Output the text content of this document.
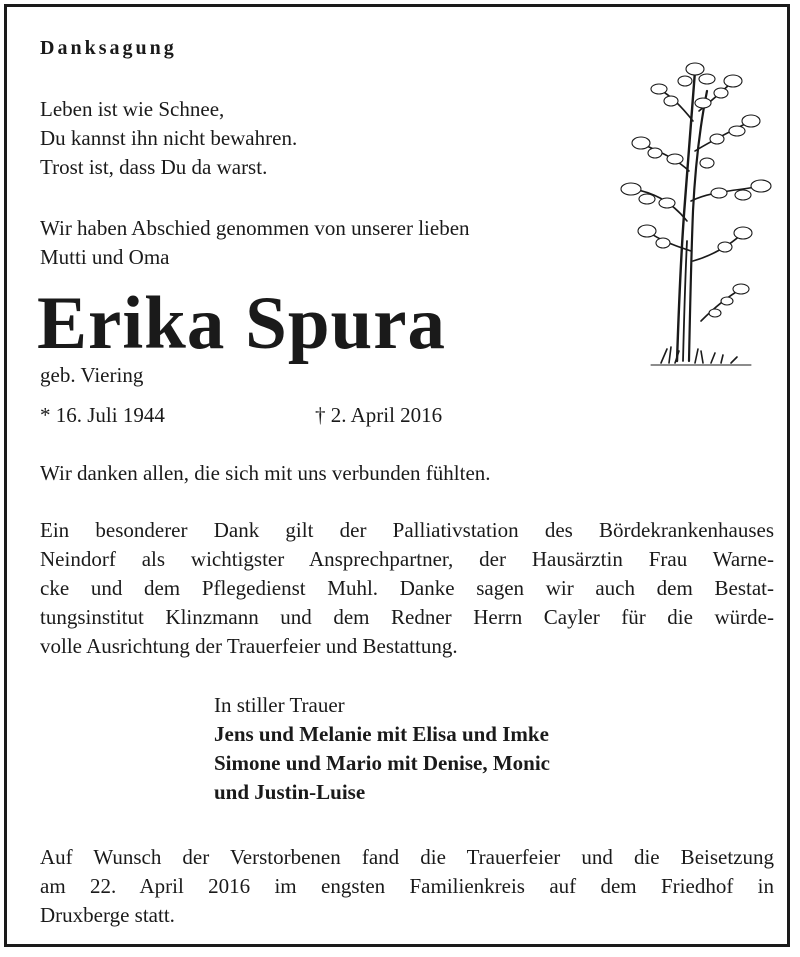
Danksagung

Leben ist wie Schnee,
Du kannst ihn nicht bewahren.
Trost ist, dass Du da warst.

Wir haben Abschied genommen von unserer lieben
Mutti und Oma

Erika Spura

geb. Viering

* 16. Juli 1944	† 2. April 2016

Wir danken allen, die sich mit uns verbunden fühlten.

Ein besonderer Dank gilt der Palliativstation des Bördekrankenhauses
Neindorf als wichtigster Ansprechpartner, der Hausärztin Frau Warne-
cke und dem Pflegedienst Muhl. Danke sagen wir auch dem Bestat-
tungsinstitut Klinzmann und dem Redner Herrn Cayler für die würde-
volle Ausrichtung der Trauerfeier und Bestattung.

In stiller Trauer

Jens und Melanie mit Elisa und Imke
Simone und Mario mit Denise, Monic
und Justin-Luise

Auf Wunsch der Verstorbenen fand die Trauerfeier und die Beisetzung
am 22. April 2016 im engsten Familienkreis auf dem Friedhof in
Druxberge statt.
